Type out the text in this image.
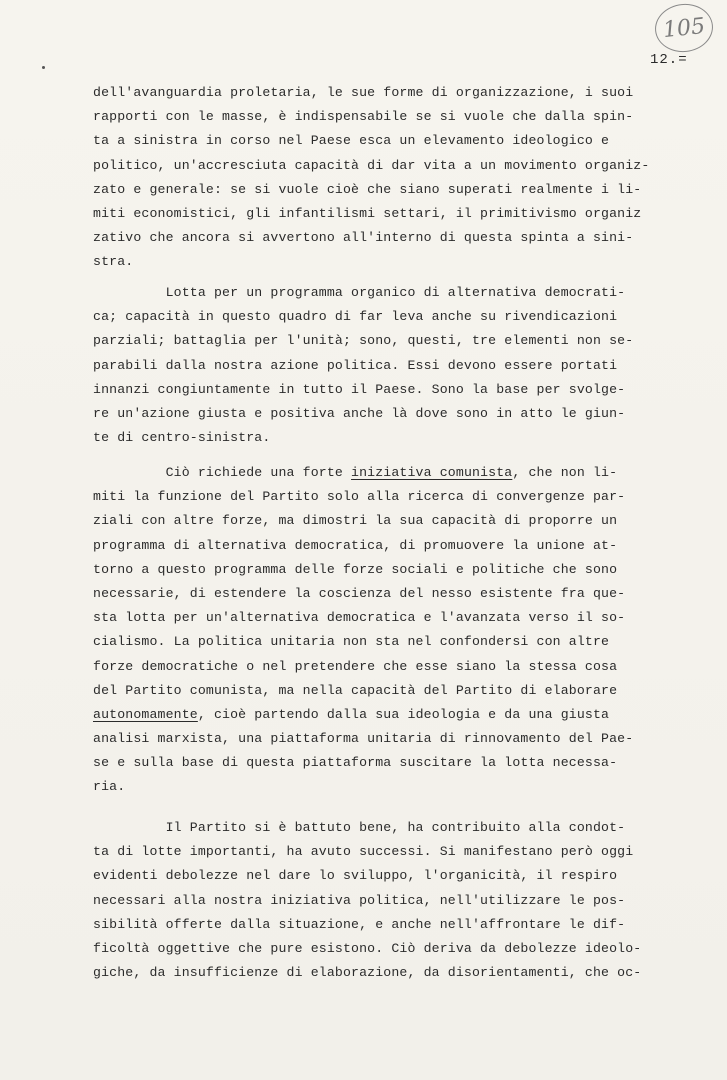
105
12.=
dell'avanguardia proletaria, le sue forme di organizzazione, i suoi
rapporti con le masse, è indispensabile se si vuole che dalla spin-
ta a sinistra in corso nel Paese esca un elevamento ideologico e
politico, un'accresciuta capacità di dar vita a un movimento organiz-
zato e generale: se si vuole cioè che siano superati realmente i li-
miti economistici, gli infantilismi settari, il primitivismo organiz
zativo che ancora si avvertono all'interno di questa spinta a sini-
stra.
Lotta per un programma organico di alternativa democrati-
ca; capacità in questo quadro di far leva anche su rivendicazioni
parziali; battaglia per l'unità; sono, questi, tre elementi non se-
parabili dalla nostra azione politica. Essi devono essere portati
innanzi congiuntamente in tutto il Paese. Sono la base per svolge-
re un'azione giusta e positiva anche là dove sono in atto le giun-
te di centro-sinistra.
Ciò richiede una forte iniziativa comunista, che non li-
miti la funzione del Partito solo alla ricerca di convergenze par-
ziali con altre forze, ma dimostri la sua capacità di proporre un
programma di alternativa democratica, di promuovere la unione at-
torno a questo programma delle forze sociali e politiche che sono
necessarie, di estendere la coscienza del nesso esistente fra que-
sta lotta per un'alternativa democratica e l'avanzata verso il so-
cialismo. La politica unitaria non sta nel confondersi con altre
forze democratiche o nel pretendere che esse siano la stessa cosa
del Partito comunista, ma nella capacità del Partito di elaborare
autonomamente, cioè partendo dalla sua ideologia e da una giusta
analisi marxista, una piattaforma unitaria di rinnovamento del Pae-
se e sulla base di questa piattaforma suscitare la lotta necessa-
ria.
Il Partito si è battuto bene, ha contribuito alla condot-
ta di lotte importanti, ha avuto successi. Si manifestano però oggi
evidenti debolezze nel dare lo sviluppo, l'organicità, il respiro
necessari alla nostra iniziativa politica, nell'utilizzare le pos-
sibilità offerte dalla situazione, e anche nell'affrontare le dif-
ficoltà oggettive che pure esistono. Ciò deriva da debolezze ideolo-
giche, da insufficienze di elaborazione, da disorientamenti, che oc-
